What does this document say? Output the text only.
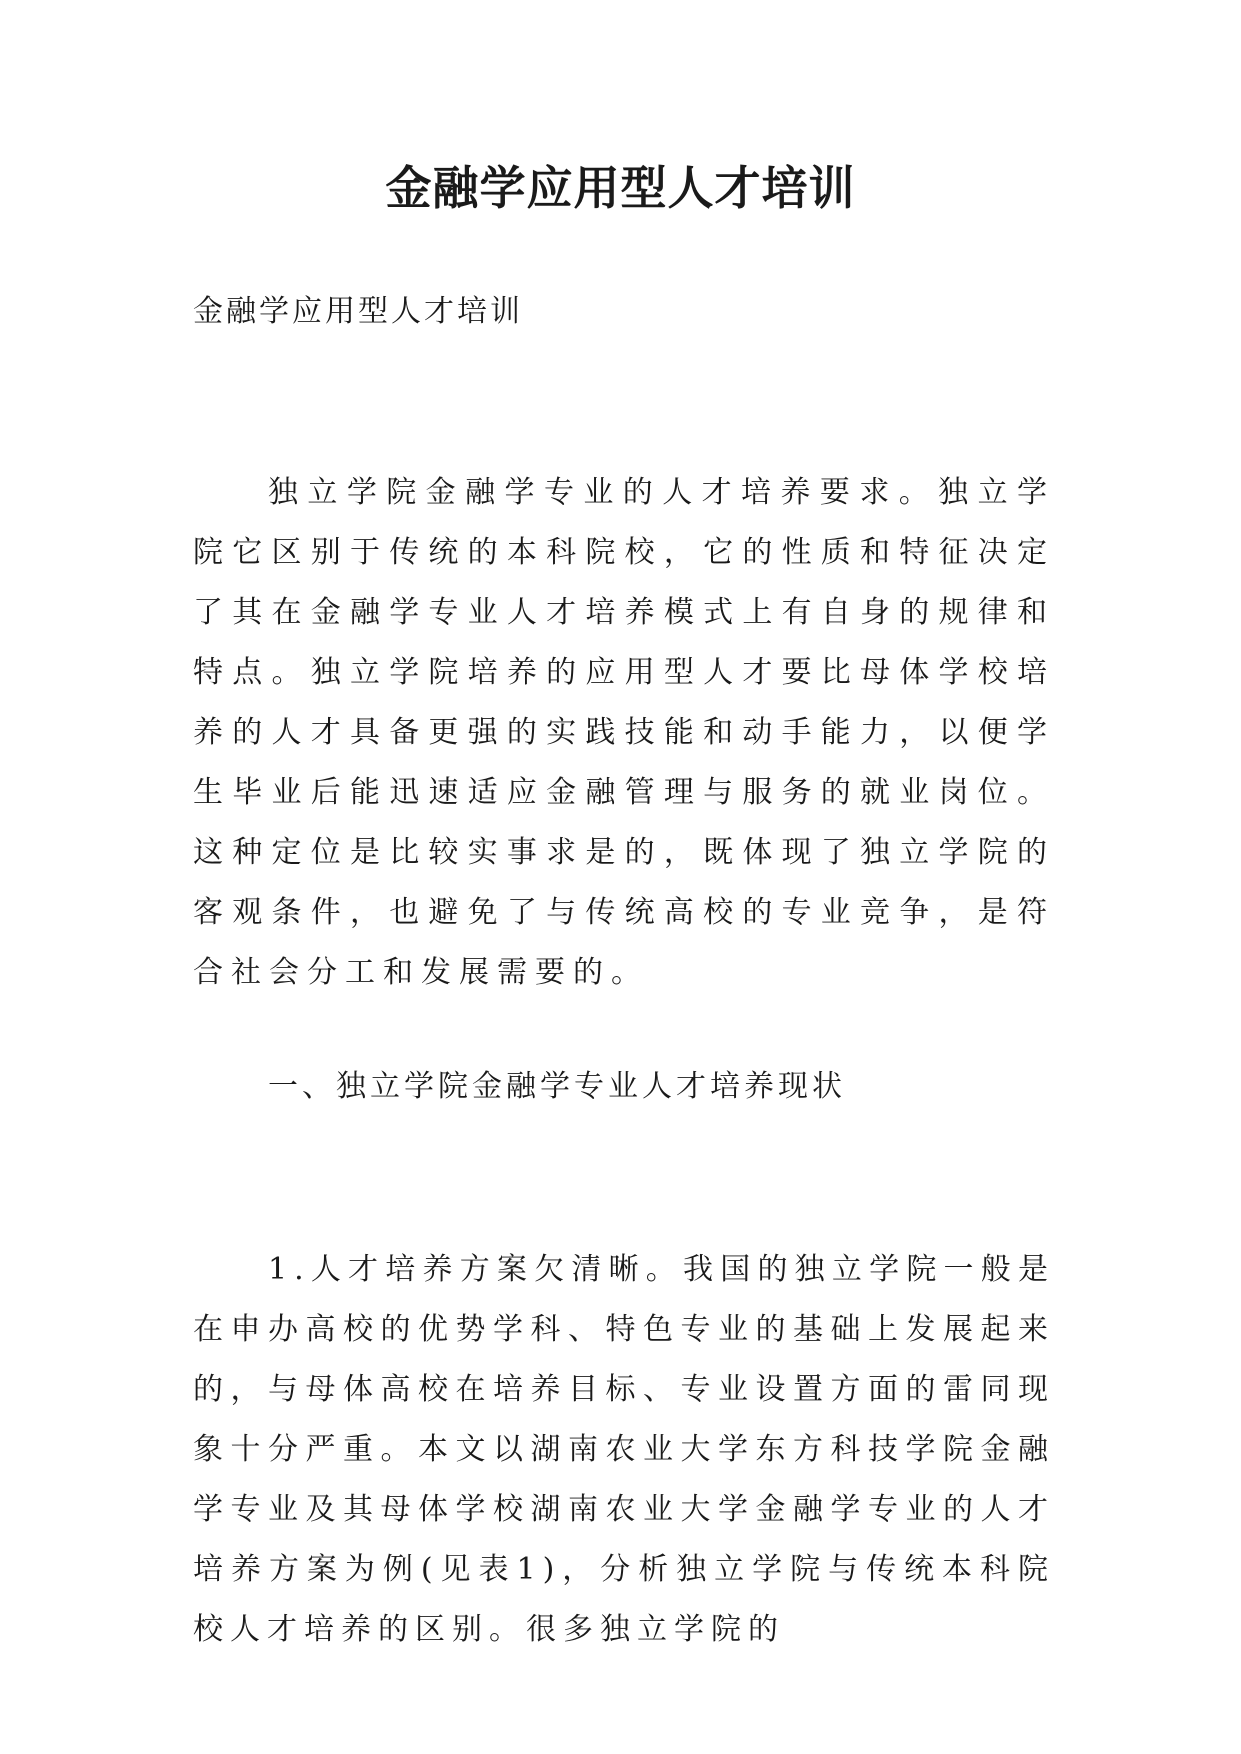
金融学应用型人才培训

金融学应用型人才培训

独立学院金融学专业的人才培养要求。独立学院它区别于传统的本科院校，它的性质和特征决定了其在金融学专业人才培养模式上有自身的规律和特点。独立学院培养的应用型人才要比母体学校培养的人才具备更强的实践技能和动手能力，以便学生毕业后能迅速适应金融管理与服务的就业岗位。这种定位是比较实事求是的，既体现了独立学院的客观条件，也避免了与传统高校的专业竞争，是符合社会分工和发展需要的。

一、独立学院金融学专业人才培养现状

1.人才培养方案欠清晰。我国的独立学院一般是在申办高校的优势学科、特色专业的基础上发展起来的，与母体高校在培养目标、专业设置方面的雷同现象十分严重。本文以湖南农业大学东方科技学院金融学专业及其母体学校湖南农业大学金融学专业的人才培养方案为例(见表1)，分析独立学院与传统本科院校人才培养的区别。很多独立学院的
